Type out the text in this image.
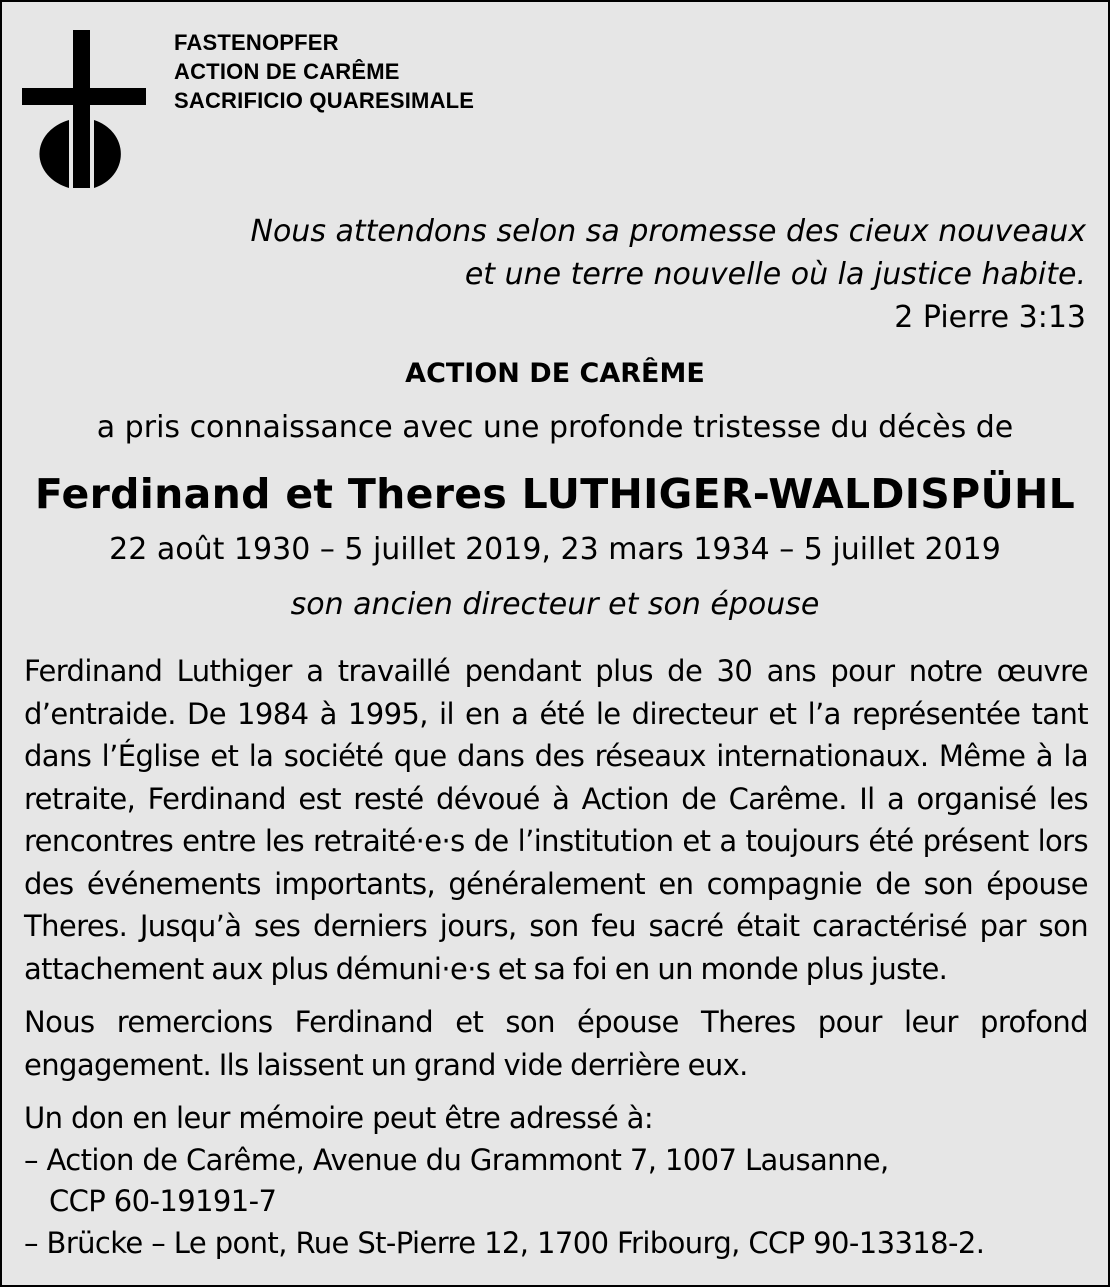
FASTENOPFER
ACTION DE CARÊME
SACRIFICIO QUARESIMALE
Nous attendons selon sa promesse des cieux nouveaux
et une terre nouvelle où la justice habite.
2 Pierre 3:13
ACTION DE CARÊME
a pris connaissance avec une profonde tristesse du décès de
Ferdinand et Theres LUTHIGER-WALDISPÜHL
22 août 1930 – 5 juillet 2019, 23 mars 1934 – 5 juillet 2019
son ancien directeur et son épouse

Ferdinand Luthiger a travaillé pendant plus de 30 ans pour notre œuvre d’entraide. De 1984 à 1995, il en a été le directeur et l’a représentée tant dans l’Église et la société que dans des réseaux internationaux. Même à la retraite, Ferdinand est resté dévoué à Action de Carême. Il a organisé les rencontres entre les retraité·e·s de l’institution et a toujours été présent lors des événements importants, généralement en compagnie de son épouse Theres. Jusqu’à ses derniers jours, son feu sacré était caractérisé par son attachement aux plus démuni·e·s et sa foi en un monde plus juste.

Nous remercions Ferdinand et son épouse Theres pour leur profond engagement. Ils laissent un grand vide derrière eux.

Un don en leur mémoire peut être adressé à:
– Action de Carême, Avenue du Grammont 7, 1007 Lausanne,
CCP 60-19191-7
– Brücke – Le pont, Rue St-Pierre 12, 1700 Fribourg, CCP 90-13318-2.
